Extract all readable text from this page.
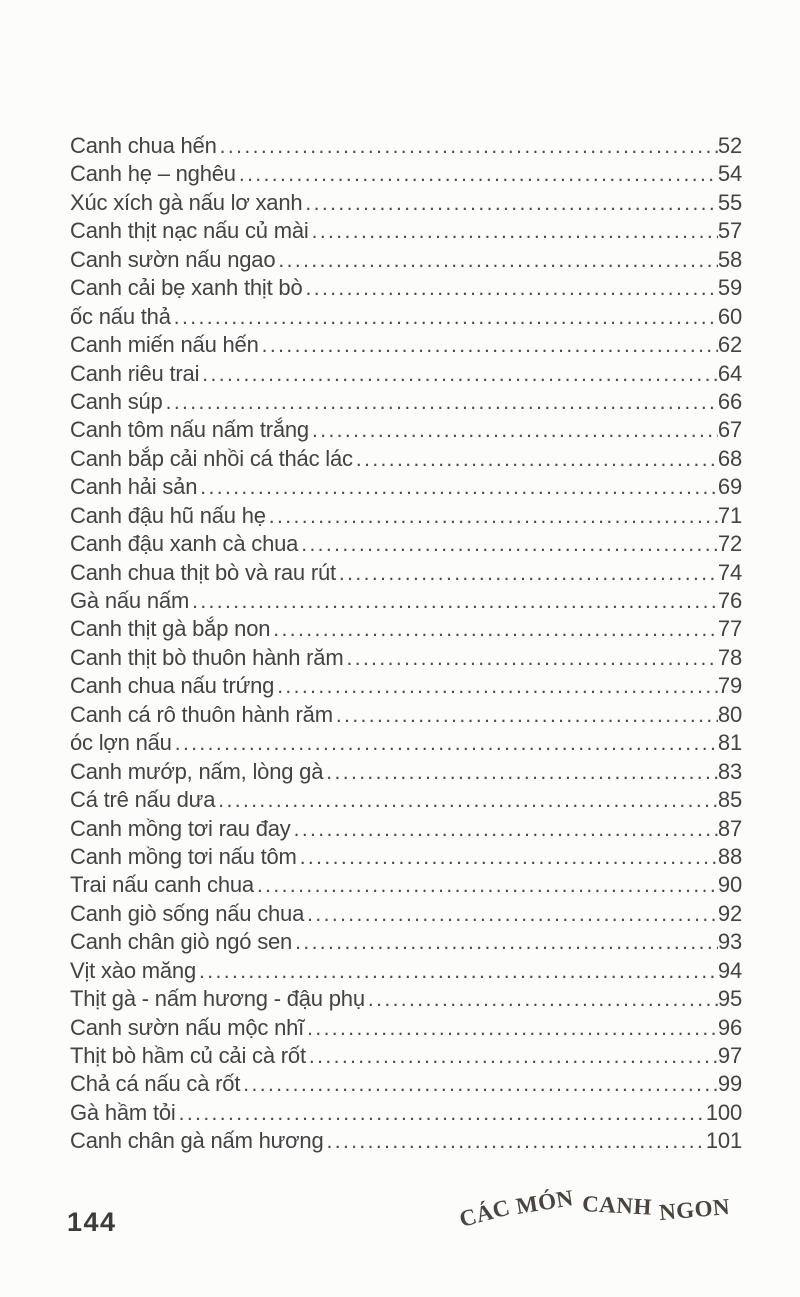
Canh chua hến .....	52
Canh hẹ – nghêu .....	54
Xúc xích gà nấu lơ xanh .....	55
Canh thịt nạc nấu củ mài .....	57
Canh sườn nấu ngao .....	58
Canh cải bẹ xanh thịt bò .....	59
ốc nấu thả .....	60
Canh miến nấu hến .....	62
Canh riêu trai .....	64
Canh súp .....	66
Canh tôm nấu nấm trắng .....	67
Canh bắp cải nhồi cá thác lác .....	68
Canh hải sản .....	69
Canh đậu hũ nấu hẹ .....	71
Canh đậu xanh cà chua .....	72
Canh chua thịt bò và rau rút .....	74
Gà nấu nấm .....	76
Canh thịt gà bắp non .....	77
Canh thịt bò thuôn hành răm .....	78
Canh chua nấu trứng .....	79
Canh cá rô thuôn hành răm .....	80
óc lợn nấu .....	81
Canh mướp, nấm, lòng gà .....	83
Cá trê nấu dưa .....	85
Canh mồng tơi rau đay .....	87
Canh mồng tơi nấu tôm .....	88
Trai nấu canh chua .....	90
Canh giò sống nấu chua .....	92
Canh chân giò ngó sen .....	93
Vịt xào măng .....	94
Thịt gà - nấm hương - đậu phụ .....	95
Canh sườn nấu mộc nhĩ .....	96
Thịt bò hầm củ cải cà rốt .....	97
Chả cá nấu cà rốt .....	99
Gà hầm tỏi .....	100
Canh chân gà nấm hương .....	101
144	CÁC MÓN CANH NGON
